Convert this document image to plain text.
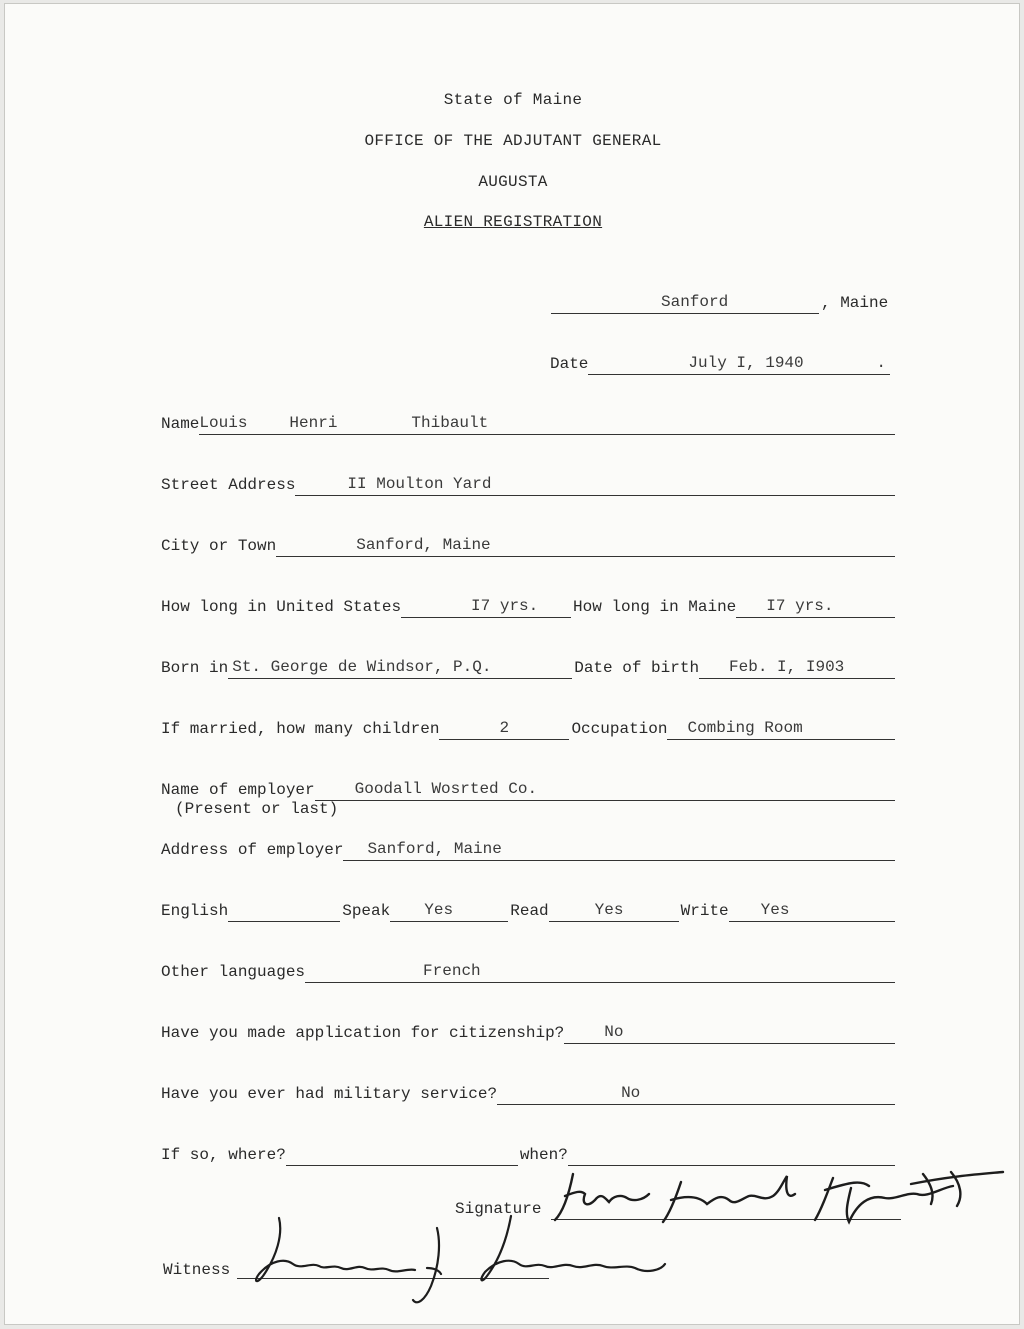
State of Maine
OFFICE OF THE ADJUTANT GENERAL
AUGUSTA
ALIEN REGISTRATION
Sanford	, Maine
Date	July I, 1940	.
Name Louis	Henri	Thibault
Street Address	II Moulton Yard
City or Town	Sanford, Maine
How long in United States	I7 yrs. How long in Maine I7 yrs.
Born in St. George de Windsor, P.Q.	Date of birth Feb. I, I903
If married, how many children	2	Occupation Combing Room
Name of employer	Goodall Wosrted Co.
(Present or last)
Address of employer Sanford, Maine
English	Speak Yes	Read	Yes	Write Yes
Other languages	French
Have you made application for citizenship?	No
Have you ever had military service?	No
If so, where?	when?
Signature
Louis Henri Thibault
Witness
Maurice J. Maurice
